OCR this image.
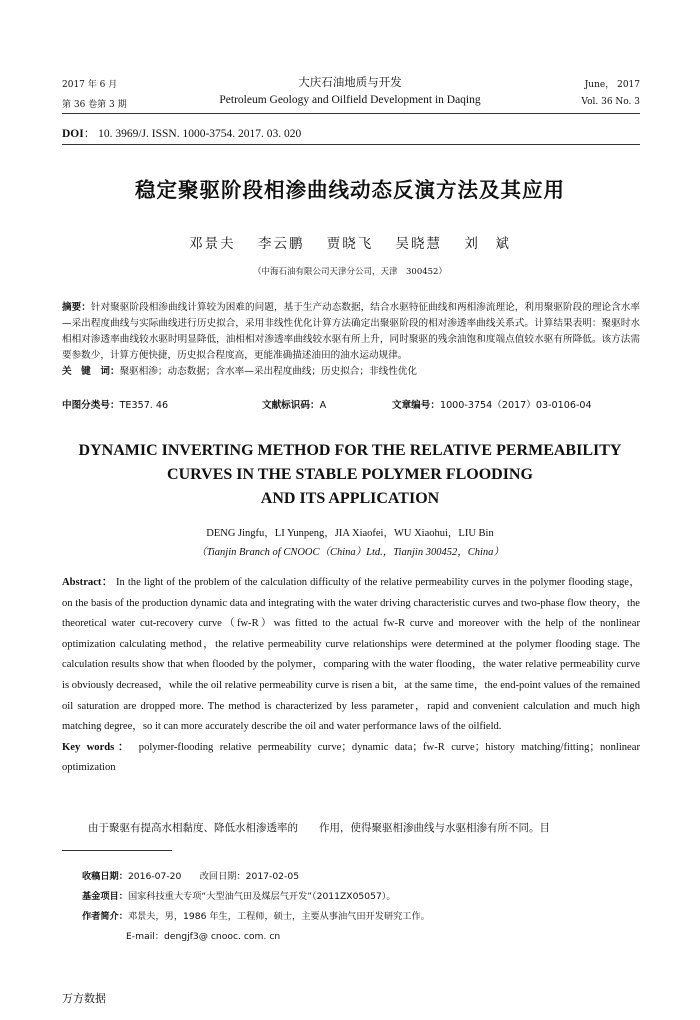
2017 年 6 月
第 36 卷第 3 期
大庆石油地质与开发
Petroleum Geology and Oilfield Development in Daqing
June， 2017
Vol. 36 No. 3
DOI： 10. 3969/J. ISSN. 1000-3754. 2017. 03. 020
稳定聚驱阶段相渗曲线动态反演方法及其应用
邓景夫 李云鹏 贾晓飞 吴晓慧 刘　斌
（中海石油有限公司天津分公司，天津　300452）
摘要：针对聚驱阶段相渗曲线计算较为困难的问题，基于生产动态数据，结合水驱特征曲线和两相渗流理论，利用聚驱阶段的理论含水率—采出程度曲线与实际曲线进行历史拟合，采用非线性优化计算方法确定出聚驱阶段的相对渗透率曲线关系式。计算结果表明：聚驱时水相相对渗透率曲线较水驱时明显降低，油相相对渗透率曲线较水驱有所上升，同时聚驱的残余油饱和度端点值较水驱有所降低。该方法需要参数少，计算方便快捷，历史拟合程度高，更能准确描述油田的油水运动规律。
关　键　词：聚驱相渗；动态数据；含水率—采出程度曲线；历史拟合；非线性优化
中图分类号：TE357. 46	文献标识码：A	文章编号：1000-3754（2017）03-0106-04
DYNAMIC INVERTING METHOD FOR THE RELATIVE PERMEABILITY
CURVES IN THE STABLE POLYMER FLOODING
AND ITS APPLICATION
DENG Jingfu，LI Yunpeng，JIA Xiaofei，WU Xiaohui，LIU Bin
（Tianjin Branch of CNOOC（China）Ltd.，Tianjin 300452，China）
Abstract： In the light of the problem of the calculation difficulty of the relative permeability curves in the polymer flooding stage，on the basis of the production dynamic data and integrating with the water driving characteristic curves and two-phase flow theory，the theoretical water cut-recovery curve（fw-R）was fitted to the actual fw-R curve and moreover with the help of the nonlinear optimization calculating method，the relative permeability curve relationships were determined at the polymer flooding stage. The calculation results show that when flooded by the polymer，comparing with the water flooding，the water relative permeability curve is obviously decreased，while the oil relative permeability curve is risen a bit，at the same time，the end-point values of the remained oil saturation are dropped more. The method is characterized by less parameter，rapid and convenient calculation and much high matching degree，so it can more accurately describe the oil and water performance laws of the oilfield.
Key words： polymer-flooding relative permeability curve；dynamic data；fw-R curve；history matching/fitting；nonlinear optimization
由于聚驱有提高水相黏度、降低水相渗透率的　　作用，使得聚驱相渗曲线与水驱相渗有所不同。目
收稿日期：2016-07-20　　改回日期：2017-02-05
基金项目：国家科技重大专项“大型油气田及煤层气开发”（2011ZX05057）。
作者简介：邓景夫，男，1986 年生，工程师，硕士，主要从事油气田开发研究工作。
E-mail：dengjf3@ cnooc. com. cn
万方数据
